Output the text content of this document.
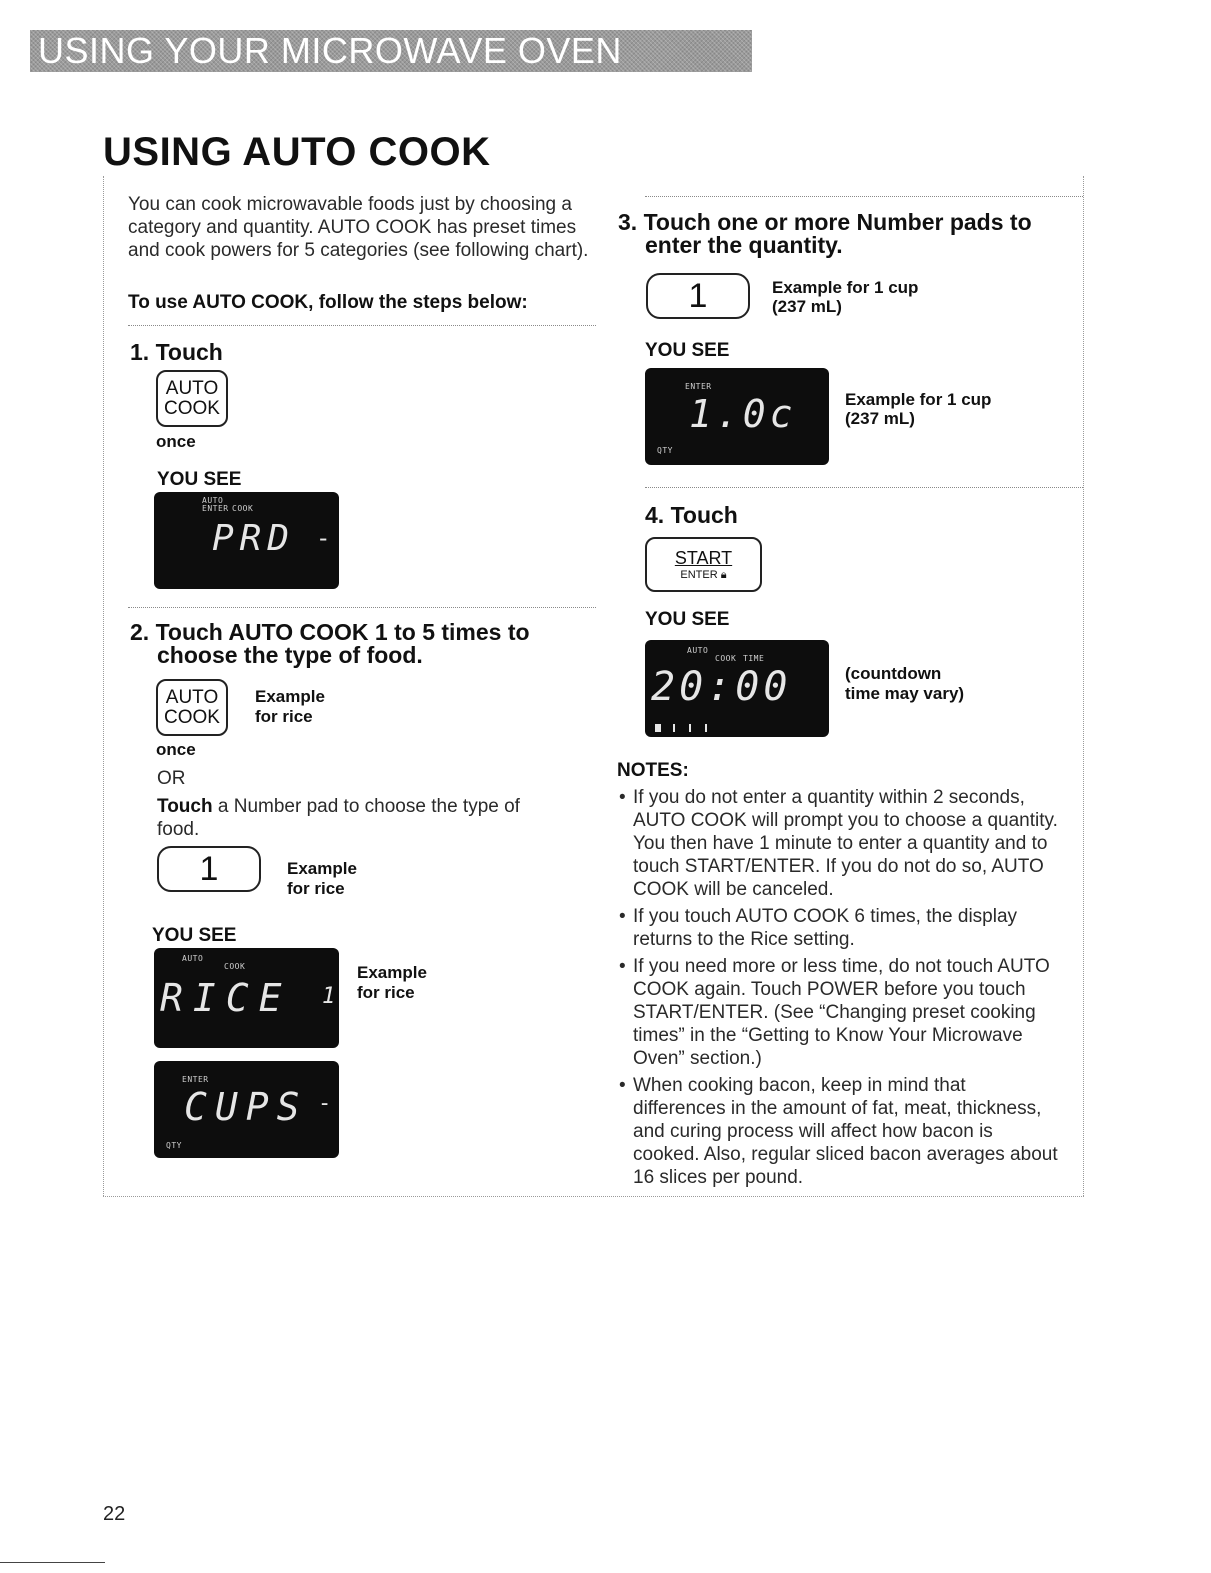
USING YOUR MICROWAVE OVEN
USING AUTO COOK
You can cook microwavable foods just by choosing a category and quantity. AUTO COOK has preset times and cook powers for 5 categories (see following chart).
To use AUTO COOK, follow the steps below:
1. Touch
AUTO
COOK
once
YOU SEE
AUTO
ENTER COOK
PRD -
2. Touch AUTO COOK 1 to 5 times to
choose the type of food.
AUTO
COOK
Example
for rice
once
OR
Touch a Number pad to choose the type of food.
1	Example
for rice
YOU SEE
AUTO
COOK
RICE 1
Example
for rice
ENTER
QTY
CUPS -
3. Touch one or more Number pads to
enter the quantity.
1	Example for 1 cup
(237 mL)
YOU SEE
ENTER
QTY
1.0c	Example for 1 cup
(237 mL)
4. Touch
START
ENTER 🔒︎
YOU SEE
AUTO
COOK TIME
20:00	(countdown
time may vary)
NOTES:
• If you do not enter a quantity within 2 seconds, AUTO COOK will prompt you to choose a quantity. You then have 1 minute to enter a quantity and to touch START/ENTER. If you do not do so, AUTO COOK will be canceled.
• If you touch AUTO COOK 6 times, the display returns to the Rice setting.
• If you need more or less time, do not touch AUTO COOK again. Touch POWER before you touch START/ENTER. (See “Changing preset cooking times” in the “Getting to Know Your Microwave Oven” section.)
• When cooking bacon, keep in mind that differences in the amount of fat, meat, thickness, and curing process will affect how bacon is cooked. Also, regular sliced bacon averages about 16 slices per pound.
22
